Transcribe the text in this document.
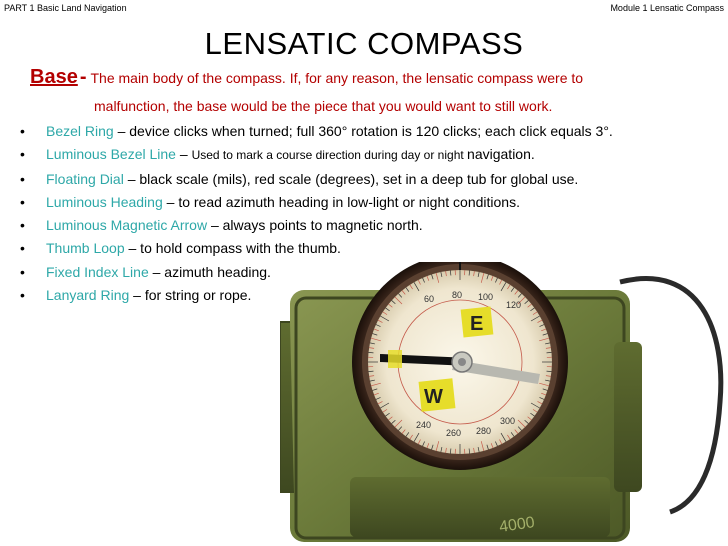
PART 1 Basic Land Navigation	Module 1 Lensatic Compass
LENSATIC COMPASS
Base - The main body of the compass. If, for any reason, the lensatic compass were to
malfunction, the base would be the piece that you would want to still work.
• Bezel Ring – device clicks when turned; full 360° rotation is 120 clicks; each click equals 3°.
• Luminous Bezel Line – Used to mark a course direction during day or night navigation.
• Floating Dial – black scale (mils), red scale (degrees), set in a deep tub for global use.
• Luminous Heading – to read azimuth heading in low-light or night conditions.
• Luminous Magnetic Arrow – always points to magnetic north.
• Thumb Loop – to hold compass with the thumb.
• Fixed Index Line – azimuth heading.
• Lanyard Ring – for string or rope.
4000
80 100
120
60
300
280
260
240
E
W
